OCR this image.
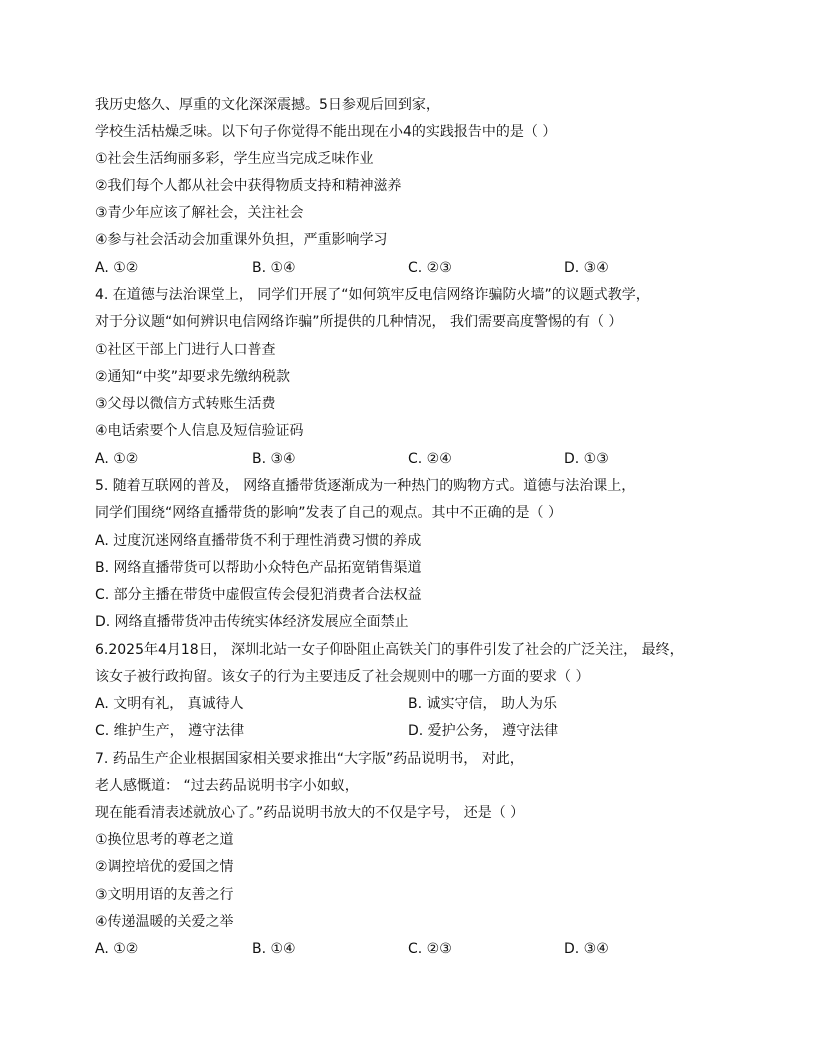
我历史悠久、厚重的文化深深震撼。5日参观后回到家，
学校生活枯燥乏味。以下句子你觉得不能出现在小4的实践报告中的是（ ）
①社会生活绚丽多彩，学生应当完成乏味作业
②我们每个人都从社会中获得物质支持和精神滋养
③青少年应该了解社会，关注社会
④参与社会活动会加重课外负担，严重影响学习
A. ①②	B. ①④	C. ②③	D. ③④
4. 在道德与法治课堂上， 同学们开展了“如何筑牢反电信网络诈骗防火墙”的议题式教学，
对于分议题“如何辨识电信网络诈骗”所提供的几种情况， 我们需要高度警惕的有（ ）
①社区干部上门进行人口普查
②通知“中奖”却要求先缴纳税款
③父母以微信方式转账生活费
④电话索要个人信息及短信验证码
A. ①②	B. ③④	C. ②④	D. ①③
5. 随着互联网的普及， 网络直播带货逐渐成为一种热门的购物方式。道德与法治课上，
同学们围绕“网络直播带货的影响”发表了自己的观点。其中不正确的是（ ）
A. 过度沉迷网络直播带货不利于理性消费习惯的养成
B. 网络直播带货可以帮助小众特色产品拓宽销售渠道
C. 部分主播在带货中虚假宣传会侵犯消费者合法权益
D. 网络直播带货冲击传统实体经济发展应全面禁止
6.2025年4月18日， 深圳北站一女子仰卧阻止高铁关门的事件引发了社会的广泛关注， 最终，
该女子被行政拘留。该女子的行为主要违反了社会规则中的哪一方面的要求（ ）
A. 文明有礼， 真诚待人	B. 诚实守信， 助人为乐
C. 维护生产， 遵守法律	D. 爱护公务， 遵守法律
7. 药品生产企业根据国家相关要求推出“大字版”药品说明书， 对此，
老人感慨道： “过去药品说明书字小如蚁，
现在能看清表述就放心了。”药品说明书放大的不仅是字号， 还是（ ）
①换位思考的尊老之道
②调控培优的爱国之情
③文明用语的友善之行
④传递温暖的关爱之举
A. ①②	B. ①④	C. ②③	D. ③④
